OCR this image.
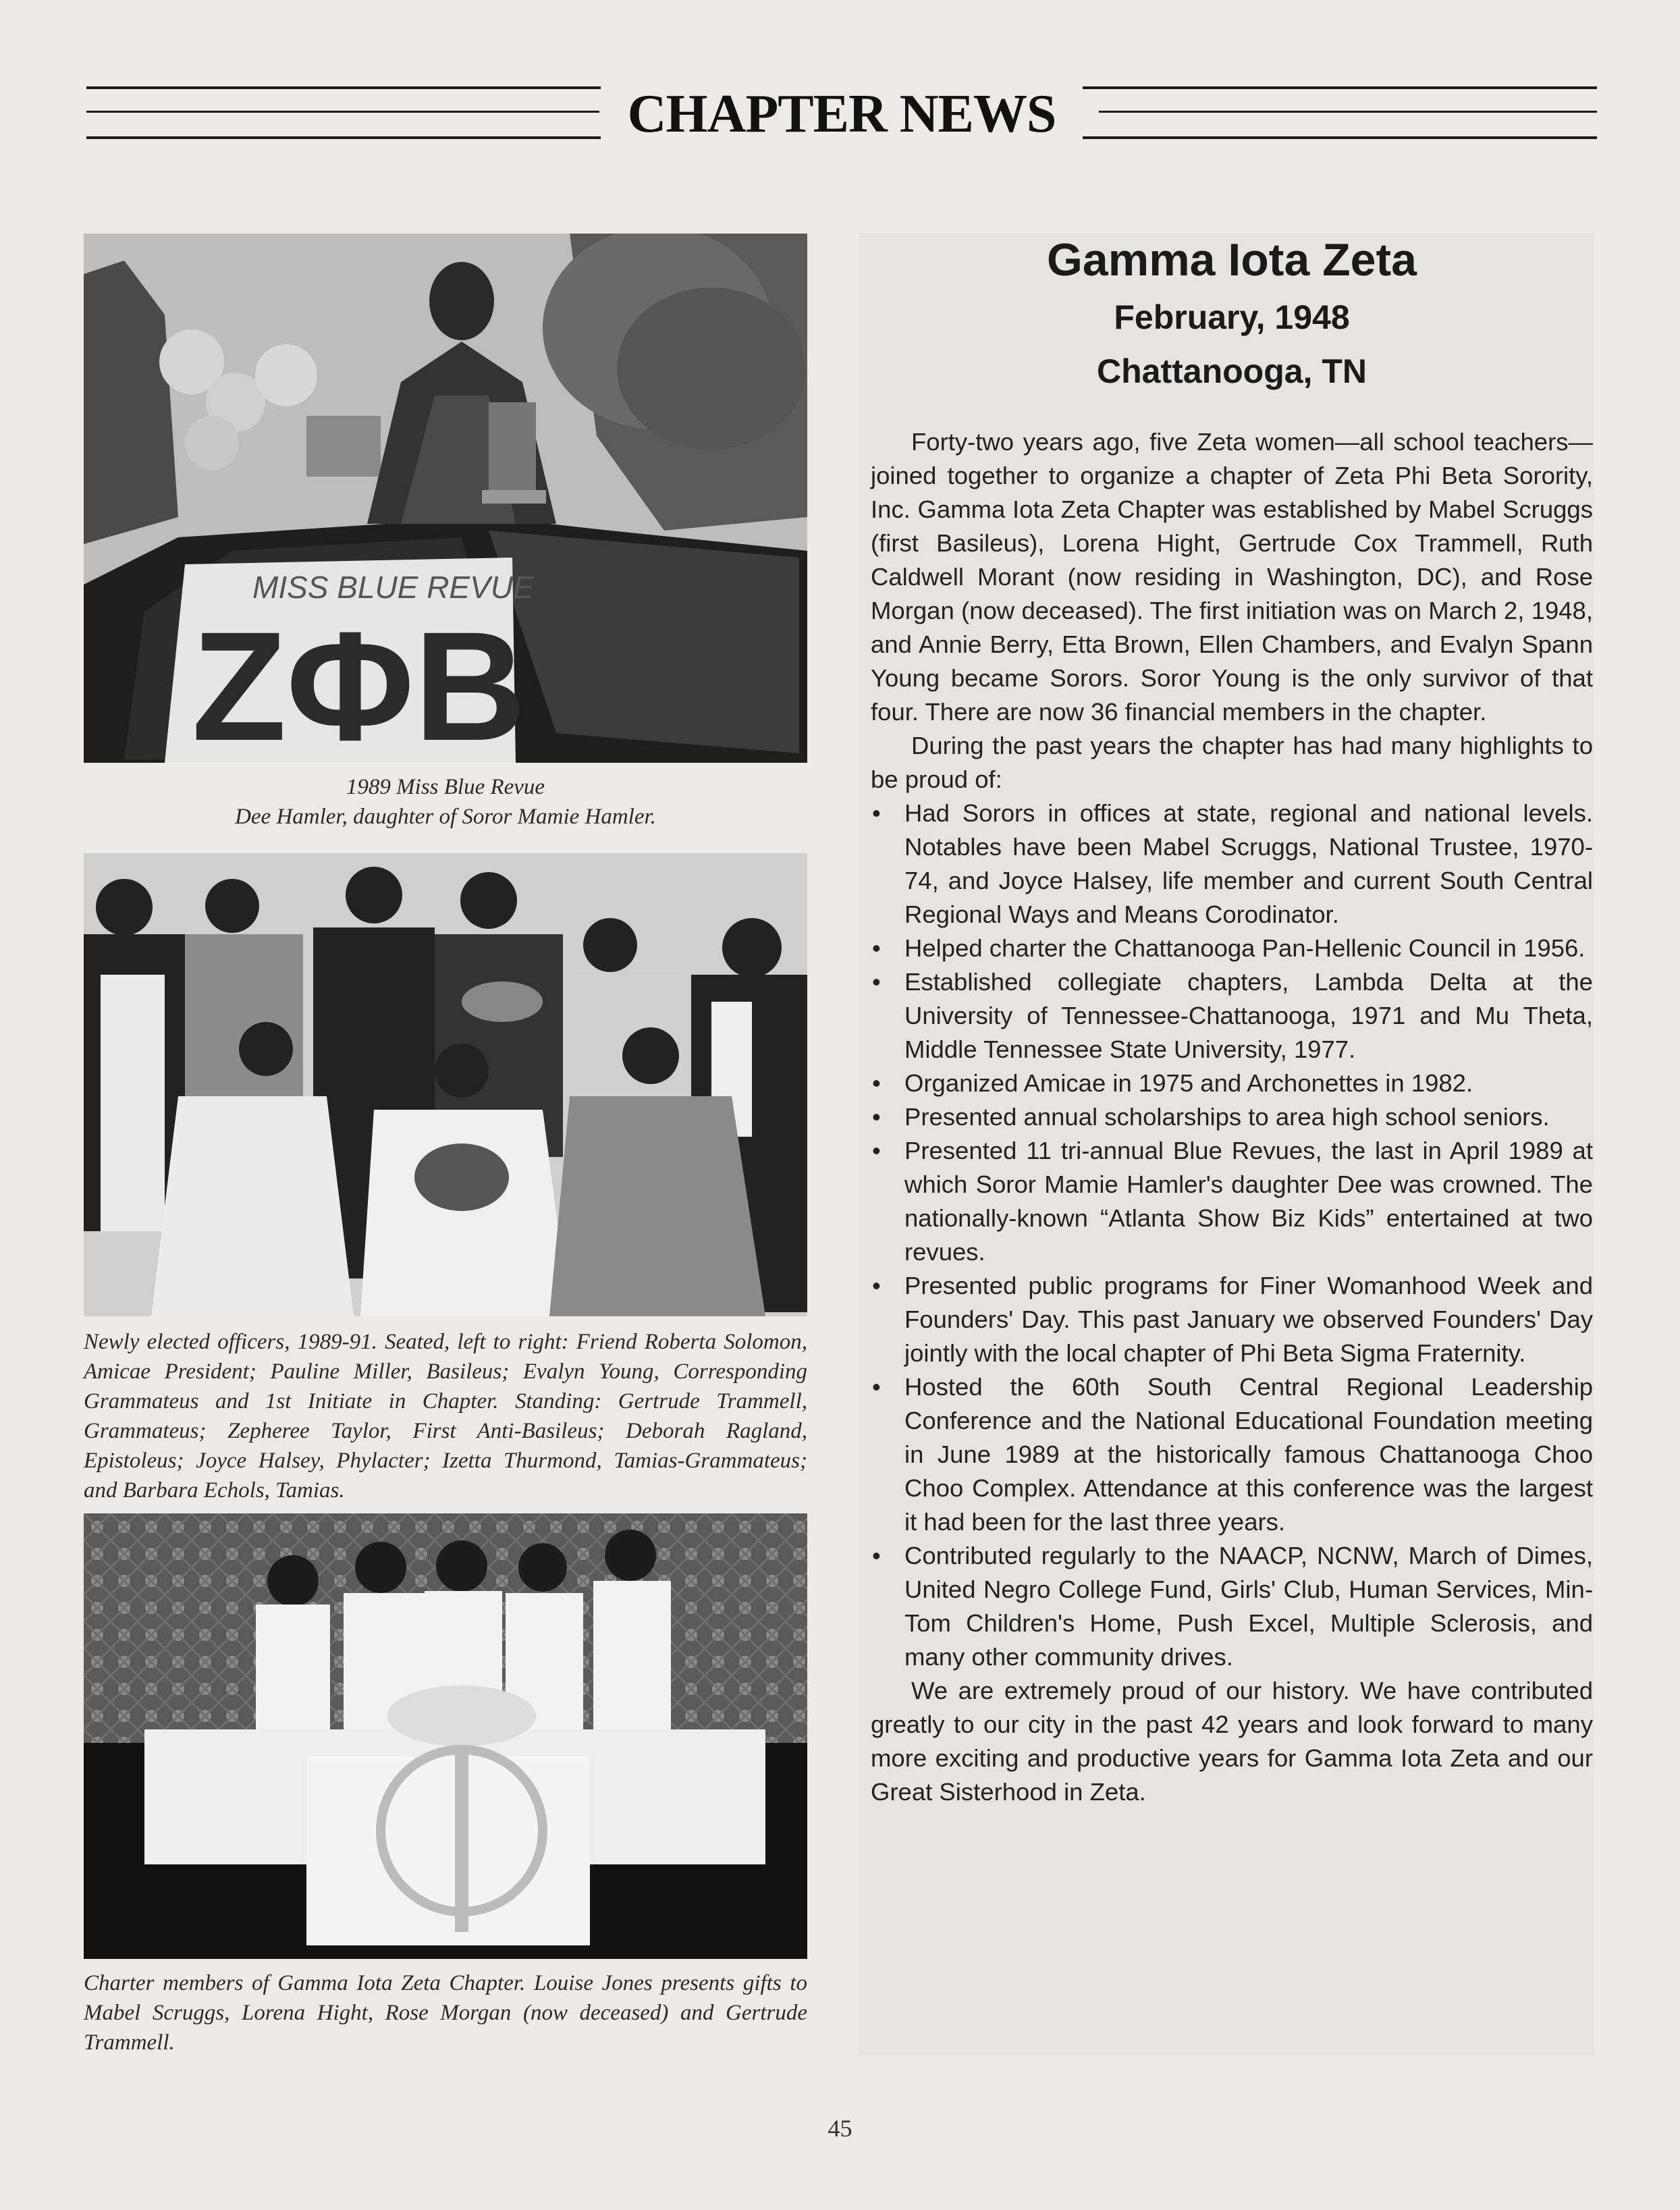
CHAPTER NEWS
MISS BLUE REVUE
ZΦB
1989 Miss Blue Revue
Dee Hamler, daughter of Soror Mamie Hamler.
Newly elected officers, 1989-91. Seated, left to right: Friend Roberta Solomon, Amicae President; Pauline Miller, Basileus; Evalyn Young, Corresponding Grammateus and 1st Initiate in Chapter. Standing: Gertrude Trammell, Grammateus; Zepheree Taylor, First Anti-Basileus; Deborah Ragland, Epistoleus; Joyce Halsey, Phylacter; Izetta Thurmond, Tamias-Grammateus; and Barbara Echols, Tamias.
Charter members of Gamma Iota Zeta Chapter. Louise Jones presents gifts to Mabel Scruggs, Lorena Hight, Rose Morgan (now deceased) and Gertrude Trammell.
Gamma Iota Zeta
February, 1948
Chattanooga, TN

Forty-two years ago, five Zeta women—all school teachers—joined together to organize a chapter of Zeta Phi Beta Sorority, Inc. Gamma Iota Zeta Chapter was established by Mabel Scruggs (first Basileus), Lorena Hight, Gertrude Cox Trammell, Ruth Caldwell Morant (now residing in Washington, DC), and Rose Morgan (now deceased). The first initiation was on March 2, 1948, and Annie Berry, Etta Brown, Ellen Chambers, and Evalyn Spann Young became Sorors. Soror Young is the only survivor of that four. There are now 36 financial members in the chapter.

During the past years the chapter has had many highlights to be proud of:

• Had Sorors in offices at state, regional and national levels. Notables have been Mabel Scruggs, National Trustee, 1970-74, and Joyce Halsey, life member and current South Central Regional Ways and Means Corodinator.
• Helped charter the Chattanooga Pan-Hellenic Council in 1956.
• Established collegiate chapters, Lambda Delta at the University of Tennessee-Chattanooga, 1971 and Mu Theta, Middle Tennessee State University, 1977.
• Organized Amicae in 1975 and Archonettes in 1982.
• Presented annual scholarships to area high school seniors.
• Presented 11 tri-annual Blue Revues, the last in April 1989 at which Soror Mamie Hamler's daughter Dee was crowned. The nationally-known “Atlanta Show Biz Kids” entertained at two revues.
• Presented public programs for Finer Womanhood Week and Founders' Day. This past January we observed Founders' Day jointly with the local chapter of Phi Beta Sigma Fraternity.
• Hosted the 60th South Central Regional Leadership Conference and the National Educational Foundation meeting in June 1989 at the historically famous Chattanooga Choo Choo Complex. Attendance at this conference was the largest it had been for the last three years.
• Contributed regularly to the NAACP, NCNW, March of Dimes, United Negro College Fund, Girls' Club, Human Services, Min-Tom Children's Home, Push Excel, Multiple Sclerosis, and many other community drives.

We are extremely proud of our history. We have contributed greatly to our city in the past 42 years and look forward to many more exciting and productive years for Gamma Iota Zeta and our Great Sisterhood in Zeta.

45
